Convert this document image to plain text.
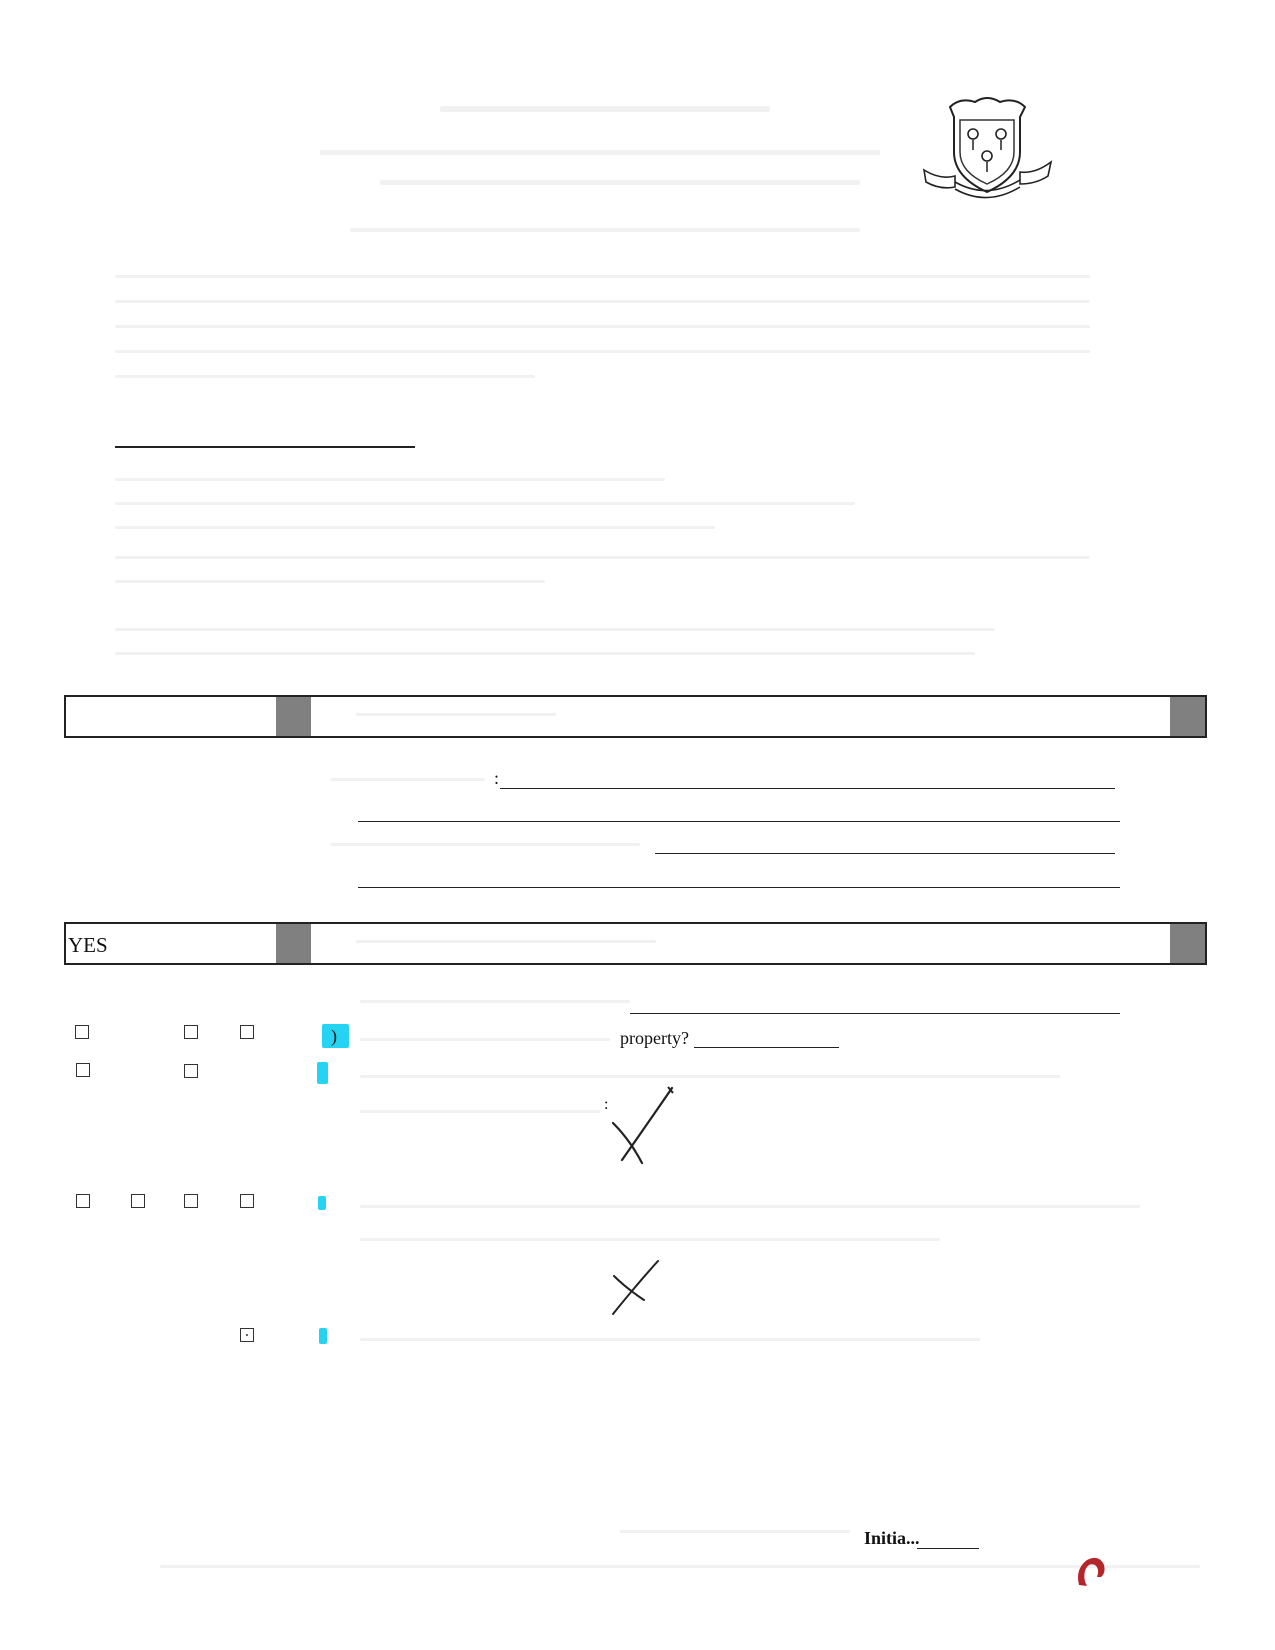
:
YES
)	property?
:
Initia...
